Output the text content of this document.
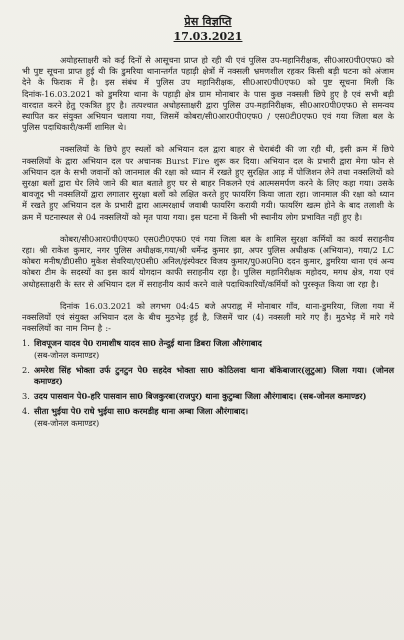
प्रेस विज्ञप्ति
17.03.2021

अयोहस्ताक्षरी को कई दिनों से आसूचना प्राप्त हो रही थी एवं पुलिस उप-महानिरीक्षक, सी0आर0पी0एफ0 को भी पुष्ट सूचना प्राप्त हुई थी कि डुमरिया थानान्तर्गत पहाड़ी क्षेत्रों में नक्सली भ्रमणशील रहकर किसी बड़ी घटना को अंजाम देने के फिराक में है। इस संबंध में पुलिस उप महानिरीक्षक, सी0आर0पी0एफ0 को पुष्ट सूचना मिली कि दिनांक-16.03.2021 को डुमरिया थाना के पहाड़ी क्षेत्र ग्राम मोनाबार के पास कुछ नक्सली छिपे हुए है एवं सभी बड़ी वारदात करने हेतु एकत्रित हुए है। तत्पश्चात अधोहस्ताक्षरी द्वारा पुलिस उप-महानिरीक्षक, सी0आर0पी0एफ0 से समन्वय स्थापित कर संयुक्त अभियान चलाया गया, जिसमें कोबरा/सी0आर0पी0एफ0 / एस0टी0एफ0 एवं गया जिला बल के पुलिस पदाधिकारी/कर्मी शामिल थे।

नक्सलियों के छिपे हुए स्थलों को अभियान दल द्वारा बाहर से घेराबंदी की जा रही थी, इसी क्रम में छिपे नक्सलियों के द्वारा अभियान दल पर अचानक Burst Fire शुरू कर दिया। अभियान दल के प्रभारी द्वारा मेगा फोन से अभियान दल के सभी जवानों को जानमाल की रक्षा को ध्यान में रखते हुए सुरक्षित आड़ में पोजिशन लेने तथा नक्सलियों को सुरक्षा बलों द्वारा घेर लिये जाने की बात बताते हुए घर से बाहर निकलने एवं आत्मसमर्पण करने के लिए कहा गया। उसके बावजूद भी नक्सलियों द्वारा लगातार सुरक्षा बलों को लक्षित करते हुए फायरिंग किया जाता रहा। जानमाल की रक्षा को ध्यान में रखते हुए अभियान दल के प्रभारी द्वारा आत्मरक्षार्थ जवाबी फायरिंग करायी गयी। फायरिंग खत्म होने के बाद तलाशी के क्रम में घटनास्थल से 04 नक्सलियों को मृत पाया गया। इस घटना में किसी भी स्थानीय लोग प्रभावित नहीं हुए है।

कोबरा/सी0आर0पी0एफ0 एस0टी0एफ0 एवं गया जिला बल के शामिल सुरक्षा कर्मियों का कार्य सराहनीय रहा। श्री राकेश कुमार, नगर पुलिस अधीक्षक,गया/श्री धर्मेन्द्र कुमार झा, अपर पुलिस अधीक्षक (अभियान), गया/2 LC कोबरा मनीष/डी0सी0 मुकेश सेवरिया/ए0सी0 अनिल/इंस्पेक्टर विजय कुमार/पु0अ0नि0 ददन कुमार, डुमरिया थाना एवं अन्य कोबरा टीम के सदस्यों का इस कार्य योगदान काफी सराहनीय रहा है। पुलिस महानिरीक्षक महोदय, मगध क्षेत्र, गया एवं अधोहस्ताक्षरी के स्तर से अभियान दल में सराहनीय कार्य करने वाले पदाधिकारियों/कर्मियों को पुरस्कृत किया जा रहा है।

दिनांक 16.03.2021 को लगभग 04:45 बजे अपराह्न में मोनाबार गाँव, थाना-डुमरिया, जिला गया में नक्सलियों एवं संयुक्त अभियान दल के बीच मुठभेड़ हुई है, जिसमें चार (4) नक्सली मारे गए हैं। मुठभेड़ में मारे गये नक्सलियों का नाम निम्न है :-

1. शिवपूजन यादव पे0 रामाशीष यादव सा0 तेन्दुई थाना डिबरा जिला औरंगाबाद
(सब-जोनल कमाण्डर)
2. अमरेश सिंह भोक्ता उर्फ टुनटुन पे0 सहदेव भोक्ता सा0 कोठिलवा थाना बॉकेबाजार(लुटुआ) जिला गया। (जोनल कमाण्डर)
3. उदय पासवान पे0-हरि पासवान सा0 बिजकुरबा(राजपुर) थाना कुटुम्बा जिला औरंगाबाद। (सब-जोनल कमाण्डर)
4. सीता भुईया पे0 राधे भुईया सा0 करमडीह थाना अम्बा जिला औरंगाबाद।
(सब-जोनल कमाण्डर)
